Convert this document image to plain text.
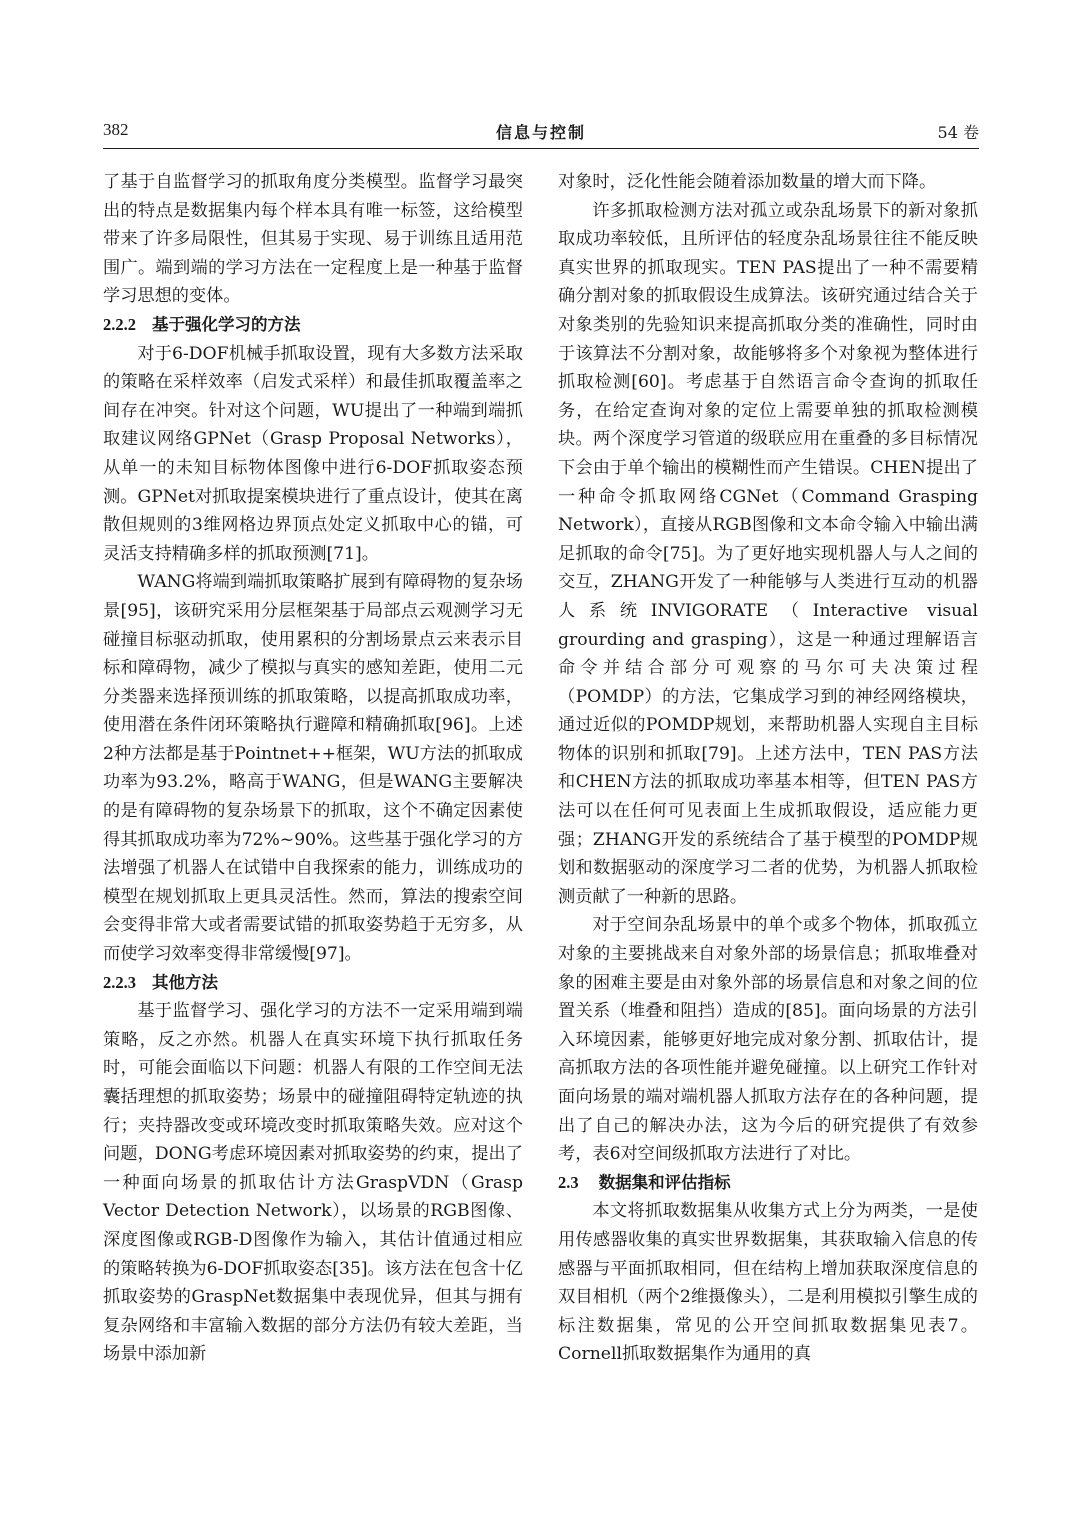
382	信息与控制	54 卷

了基于自监督学习的抓取角度分类模型。监督学习最突出的特点是数据集内每个样本具有唯一标签，这给模型带来了许多局限性，但其易于实现、易于训练且适用范围广。端到端的学习方法在一定程度上是一种基于监督学习思想的变体。

2.2.2 基于强化学习的方法

对于6-DOF机械手抓取设置，现有大多数方法采取的策略在采样效率（启发式采样）和最佳抓取覆盖率之间存在冲突。针对这个问题，WU提出了一种端到端抓取建议网络GPNet（Grasp Proposal Networks），从单一的未知目标物体图像中进行6-DOF抓取姿态预测。GPNet对抓取提案模块进行了重点设计，使其在离散但规则的3维网格边界顶点处定义抓取中心的锚，可灵活支持精确多样的抓取预测[71]。

WANG将端到端抓取策略扩展到有障碍物的复杂场景[95]，该研究采用分层框架基于局部点云观测学习无碰撞目标驱动抓取，使用累积的分割场景点云来表示目标和障碍物，减少了模拟与真实的感知差距，使用二元分类器来选择预训练的抓取策略，以提高抓取成功率，使用潜在条件闭环策略执行避障和精确抓取[96]。上述2种方法都是基于Pointnet++框架，WU方法的抓取成功率为93.2%，略高于WANG，但是WANG主要解决的是有障碍物的复杂场景下的抓取，这个不确定因素使得其抓取成功率为72%~90%。这些基于强化学习的方法增强了机器人在试错中自我探索的能力，训练成功的模型在规划抓取上更具灵活性。然而，算法的搜索空间会变得非常大或者需要试错的抓取姿势趋于无穷多，从而使学习效率变得非常缓慢[97]。

2.2.3 其他方法

基于监督学习、强化学习的方法不一定采用端到端策略，反之亦然。机器人在真实环境下执行抓取任务时，可能会面临以下问题：机器人有限的工作空间无法囊括理想的抓取姿势；场景中的碰撞阻碍特定轨迹的执行；夹持器改变或环境改变时抓取策略失效。应对这个问题，DONG考虑环境因素对抓取姿势的约束，提出了一种面向场景的抓取估计方法GraspVDN（Grasp Vector Detection Network），以场景的RGB图像、深度图像或RGB-D图像作为输入，其估计值通过相应的策略转换为6-DOF抓取姿态[35]。该方法在包含十亿抓取姿势的GraspNet数据集中表现优异，但其与拥有复杂网络和丰富输入数据的部分方法仍有较大差距，当场景中添加新

对象时，泛化性能会随着添加数量的增大而下降。

许多抓取检测方法对孤立或杂乱场景下的新对象抓取成功率较低，且所评估的轻度杂乱场景往往不能反映真实世界的抓取现实。TEN PAS提出了一种不需要精确分割对象的抓取假设生成算法。该研究通过结合关于对象类别的先验知识来提高抓取分类的准确性，同时由于该算法不分割对象，故能够将多个对象视为整体进行抓取检测[60]。考虑基于自然语言命令查询的抓取任务，在给定查询对象的定位上需要单独的抓取检测模块。两个深度学习管道的级联应用在重叠的多目标情况下会由于单个输出的模糊性而产生错误。CHEN提出了一种命令抓取网络CGNet（Command Grasping Network），直接从RGB图像和文本命令输入中输出满足抓取的命令[75]。为了更好地实现机器人与人之间的交互，ZHANG开发了一种能够与人类进行互动的机器人系统INVIGORATE（Interactive visual grourding and grasping），这是一种通过理解语言命令并结合部分可观察的马尔可夫决策过程（POMDP）的方法，它集成学习到的神经网络模块，通过近似的POMDP规划，来帮助机器人实现自主目标物体的识别和抓取[79]。上述方法中，TEN PAS方法和CHEN方法的抓取成功率基本相等，但TEN PAS方法可以在任何可见表面上生成抓取假设，适应能力更强；ZHANG开发的系统结合了基于模型的POMDP规划和数据驱动的深度学习二者的优势，为机器人抓取检测贡献了一种新的思路。

对于空间杂乱场景中的单个或多个物体，抓取孤立对象的主要挑战来自对象外部的场景信息；抓取堆叠对象的困难主要是由对象外部的场景信息和对象之间的位置关系（堆叠和阻挡）造成的[85]。面向场景的方法引入环境因素，能够更好地完成对象分割、抓取估计，提高抓取方法的各项性能并避免碰撞。以上研究工作针对面向场景的端对端机器人抓取方法存在的各种问题，提出了自己的解决办法，这为今后的研究提供了有效参考，表6对空间级抓取方法进行了对比。

2.3 数据集和评估指标

本文将抓取数据集从收集方式上分为两类，一是使用传感器收集的真实世界数据集，其获取输入信息的传感器与平面抓取相同，但在结构上增加获取深度信息的双目相机（两个2维摄像头），二是利用模拟引擎生成的标注数据集，常见的公开空间抓取数据集见表7。Cornell抓取数据集作为通用的真
